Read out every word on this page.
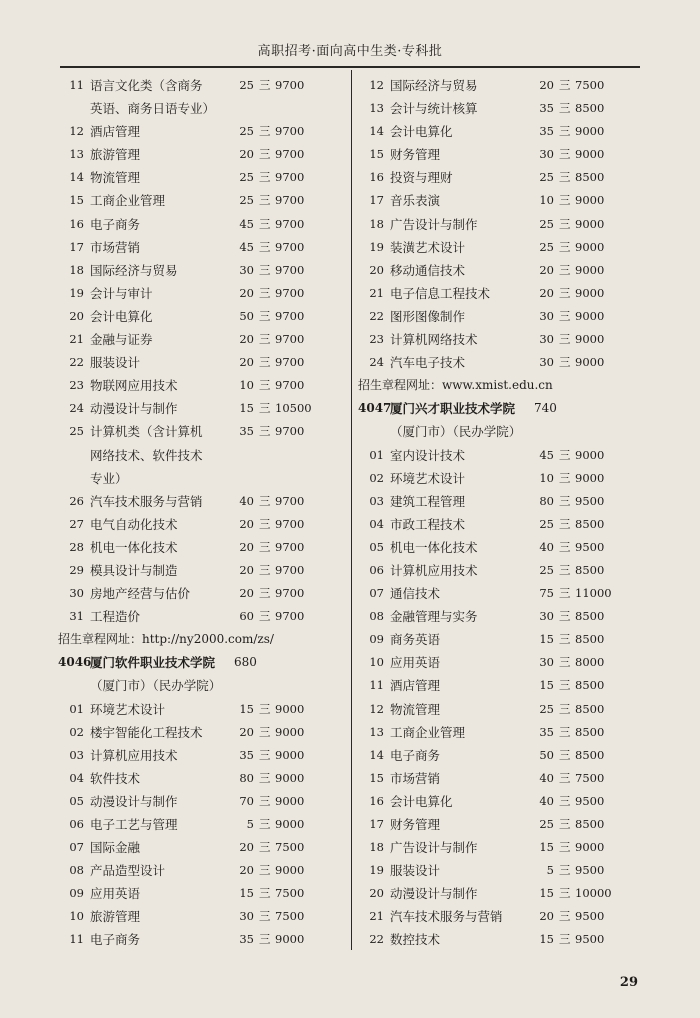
高职招考·面向高中生类·专科批
11 语言文化类（含商务	25 三 9700
英语、商务日语专业）
12 酒店管理	25 三 9700
13 旅游管理	20 三 9700
14 物流管理	25 三 9700
15 工商企业管理	25 三 9700
16 电子商务	45 三 9700
17 市场营销	45 三 9700
18 国际经济与贸易	30 三 9700
19 会计与审计	20 三 9700
20 会计电算化	50 三 9700
21 金融与证券	20 三 9700
22 服装设计	20 三 9700
23 物联网应用技术	10 三 9700
24 动漫设计与制作	15 三 10500
25 计算机类（含计算机	35 三 9700
网络技术、软件技术
专业）
26 汽车技术服务与营销	40 三 9700
27 电气自动化技术	20 三 9700
28 机电一体化技术	20 三 9700
29 模具设计与制造	20 三 9700
30 房地产经营与估价	20 三 9700
31 工程造价	60 三 9700
招生章程网址：http://ny2000.com/zs/
4046
厦门软件职业技术学院 680
（厦门市）（民办学院）
01 环境艺术设计	15 三 9000
02 楼宇智能化工程技术	20 三 9000
03 计算机应用技术	35 三 9000
04 软件技术	80 三 9000
05 动漫设计与制作	70 三 9000
06 电子工艺与管理	5 三 9000
07 国际金融	20 三 7500
08 产品造型设计	20 三 9000
09 应用英语	15 三 7500
10 旅游管理	30 三 7500
11 电子商务	35 三 9000
12 国际经济与贸易	20 三 7500
13 会计与统计核算	35 三 8500
14 会计电算化	35 三 9000
15 财务管理	30 三 9000
16 投资与理财	25 三 8500
17 音乐表演	10 三 9000
18 广告设计与制作	25 三 9000
19 装潢艺术设计	25 三 9000
20 移动通信技术	20 三 9000
21 电子信息工程技术	20 三 9000
22 图形图像制作	30 三 9000
23 计算机网络技术	30 三 9000
24 汽车电子技术	30 三 9000
招生章程网址：www.xmist.edu.cn
4047
厦门兴才职业技术学院 740
（厦门市）（民办学院）
01 室内设计技术	45 三 9000
02 环境艺术设计	10 三 9000
03 建筑工程管理	80 三 9500
04 市政工程技术	25 三 8500
05 机电一体化技术	40 三 9500
06 计算机应用技术	25 三 8500
07 通信技术	75 三 11000
08 金融管理与实务	30 三 8500
09 商务英语	15 三 8500
10 应用英语	30 三 8000
11 酒店管理	15 三 8500
12 物流管理	25 三 8500
13 工商企业管理	35 三 8500
14 电子商务	50 三 8500
15 市场营销	40 三 7500
16 会计电算化	40 三 9500
17 财务管理	25 三 8500
18 广告设计与制作	15 三 9000
19 服装设计	5 三 9500
20 动漫设计与制作	15 三 10000
21 汽车技术服务与营销	20 三 9500
22 数控技术	15 三 9500
29
